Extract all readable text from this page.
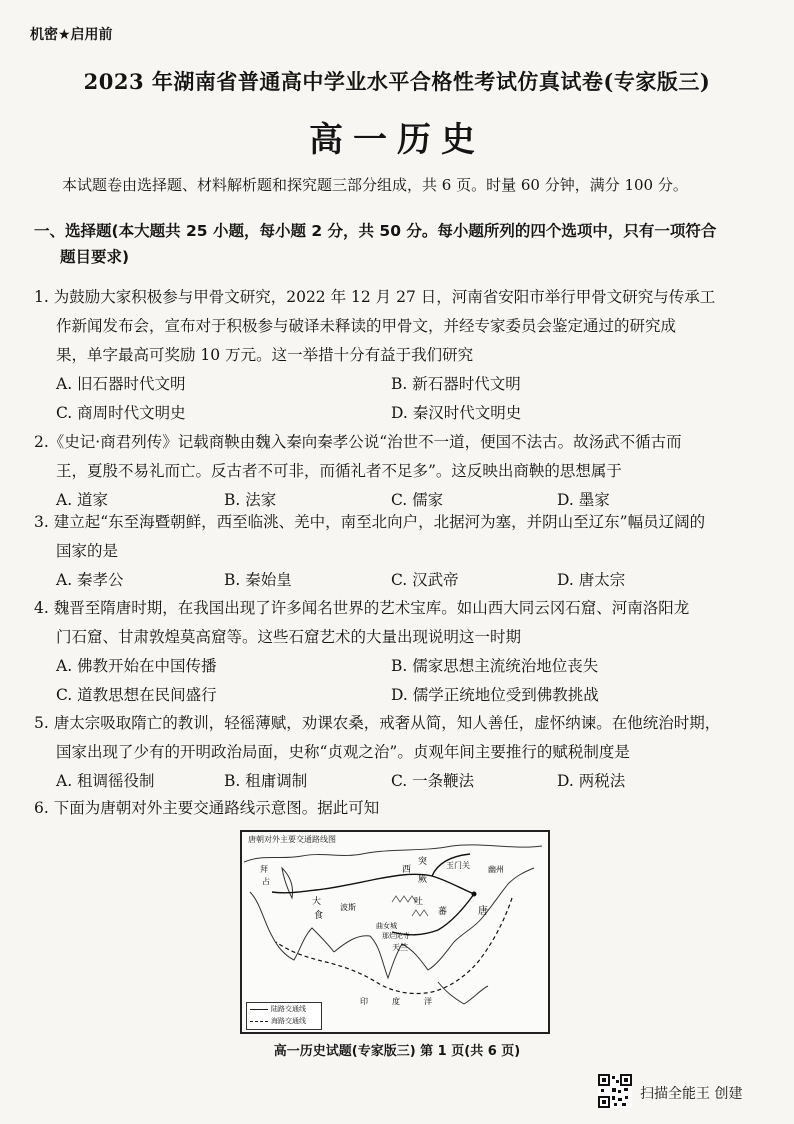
机密★启用前
2023 年湖南省普通高中学业水平合格性考试仿真试卷(专家版三)
高一历史
本试题卷由选择题、材料解析题和探究题三部分组成，共 6 页。时量 60 分钟，满分 100 分。
一、选择题(本大题共 25 小题，每小题 2 分，共 50 分。每小题所列的四个选项中，只有一项符合
题目要求)
1. 为鼓励大家积极参与甲骨文研究，2022 年 12 月 27 日，河南省安阳市举行甲骨文研究与传承工
作新闻发布会，宣布对于积极参与破译未释读的甲骨文，并经专家委员会鉴定通过的研究成
果，单字最高可奖励 10 万元。这一举措十分有益于我们研究
A. 旧石器时代文明	B. 新石器时代文明
C. 商周时代文明史	D. 秦汉时代文明史
2.《史记·商君列传》记载商鞅由魏入秦向秦孝公说“治世不一道，便国不法古。故汤武不循古而
王，夏殷不易礼而亡。反古者不可非，而循礼者不足多”。这反映出商鞅的思想属于
A. 道家	B. 法家	C. 儒家	D. 墨家
3. 建立起“东至海暨朝鲜，西至临洮、羌中，南至北向户，北据河为塞，并阴山至辽东”幅员辽阔的
国家的是
A. 秦孝公	B. 秦始皇	C. 汉武帝	D. 唐太宗
4. 魏晋至隋唐时期，在我国出现了许多闻名世界的艺术宝库。如山西大同云冈石窟、河南洛阳龙
门石窟、甘肃敦煌莫高窟等。这些石窟艺术的大量出现说明这一时期
A. 佛教开始在中国传播	B. 儒家思想主流统治地位丧失
C. 道教思想在民间盛行	D. 儒学正统地位受到佛教挑战
5. 唐太宗吸取隋亡的教训，轻徭薄赋，劝课农桑，戒奢从简，知人善任，虚怀纳谏。在他统治时期，
国家出现了少有的开明政治局面，史称“贞观之治”。贞观年间主要推行的赋税制度是
A. 租调徭役制	B. 租庸调制	C. 一条鞭法	D. 两税法
6. 下面为唐朝对外主要交通路线示意图。据此可知
西
突
厥
玉门关 幽州
拜
占
大
食
波斯
吐
蕃	唐
天竺
曲女城
那烂陀寺
印	度	洋
唐朝对外主要交通路线图
陆路交通线
海路交通线
高一历史试题(专家版三) 第 1 页(共 6 页)
扫描全能王 创建
